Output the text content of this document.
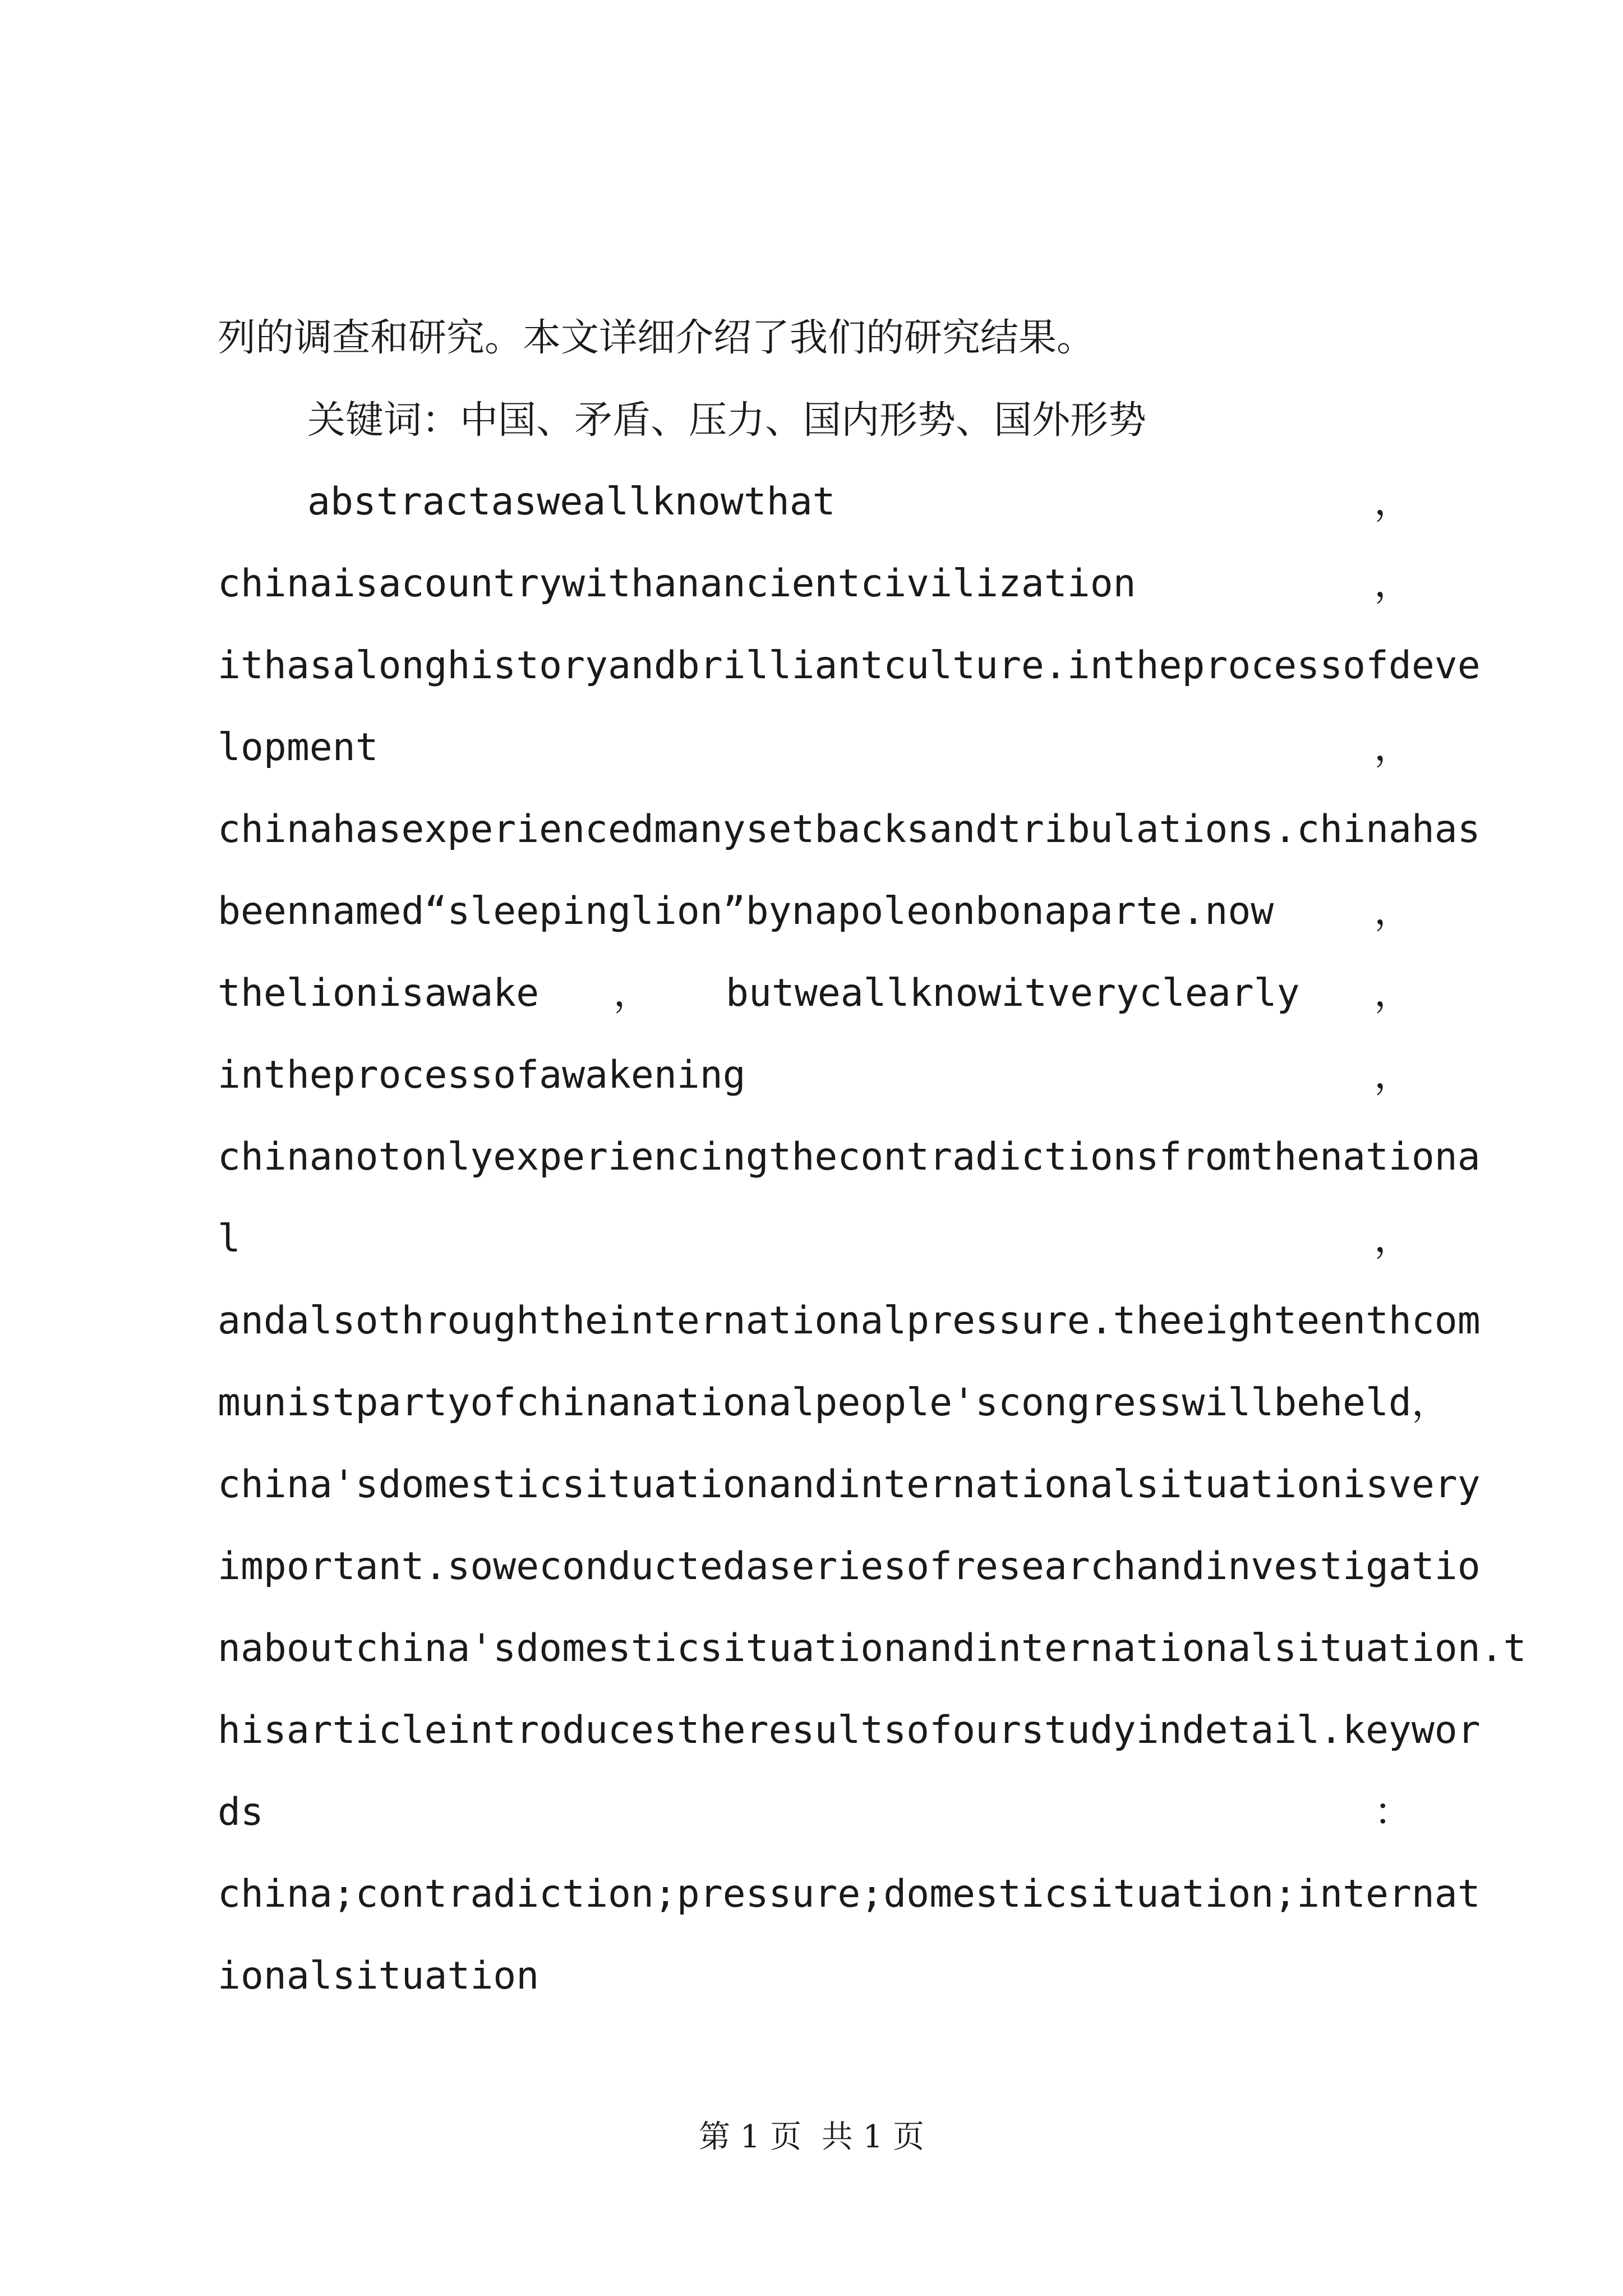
列的调查和研究。本文详细介绍了我们的研究结果。
关键词：中国、矛盾、压力、国内形势、国外形势
abstractasweallknowthat	，
chinaisacountrywithanancientcivilization	，
ithasalonghistoryandbrilliantculture.intheprocessofdeve
lopment	，
chinahasexperiencedmanysetbacksandtribulations.chinahas
beennamed“sleepinglion”bynapoleonbonaparte.now	，
thelionisawake ， butweallknowitveryclearly ，
intheprocessofawakening	，
chinanotonlyexperiencingthecontradictionsfromthenationa
l	，
andalsothroughtheinternationalpressure.theeighteenthcom
munistpartyofchinanationalpeople'scongresswillbeheld ，
china'sdomesticsituationandinternationalsituationisvery
important.soweconductedaseriesofresearchandinvestigatio
naboutchina'sdomesticsituationandinternationalsituation.t
hisarticleintroducestheresultsofourstudyindetail.keywor
ds	：
china;contradiction;pressure;domesticsituation;internat
ionalsituation
第 1 页  共 1 页
